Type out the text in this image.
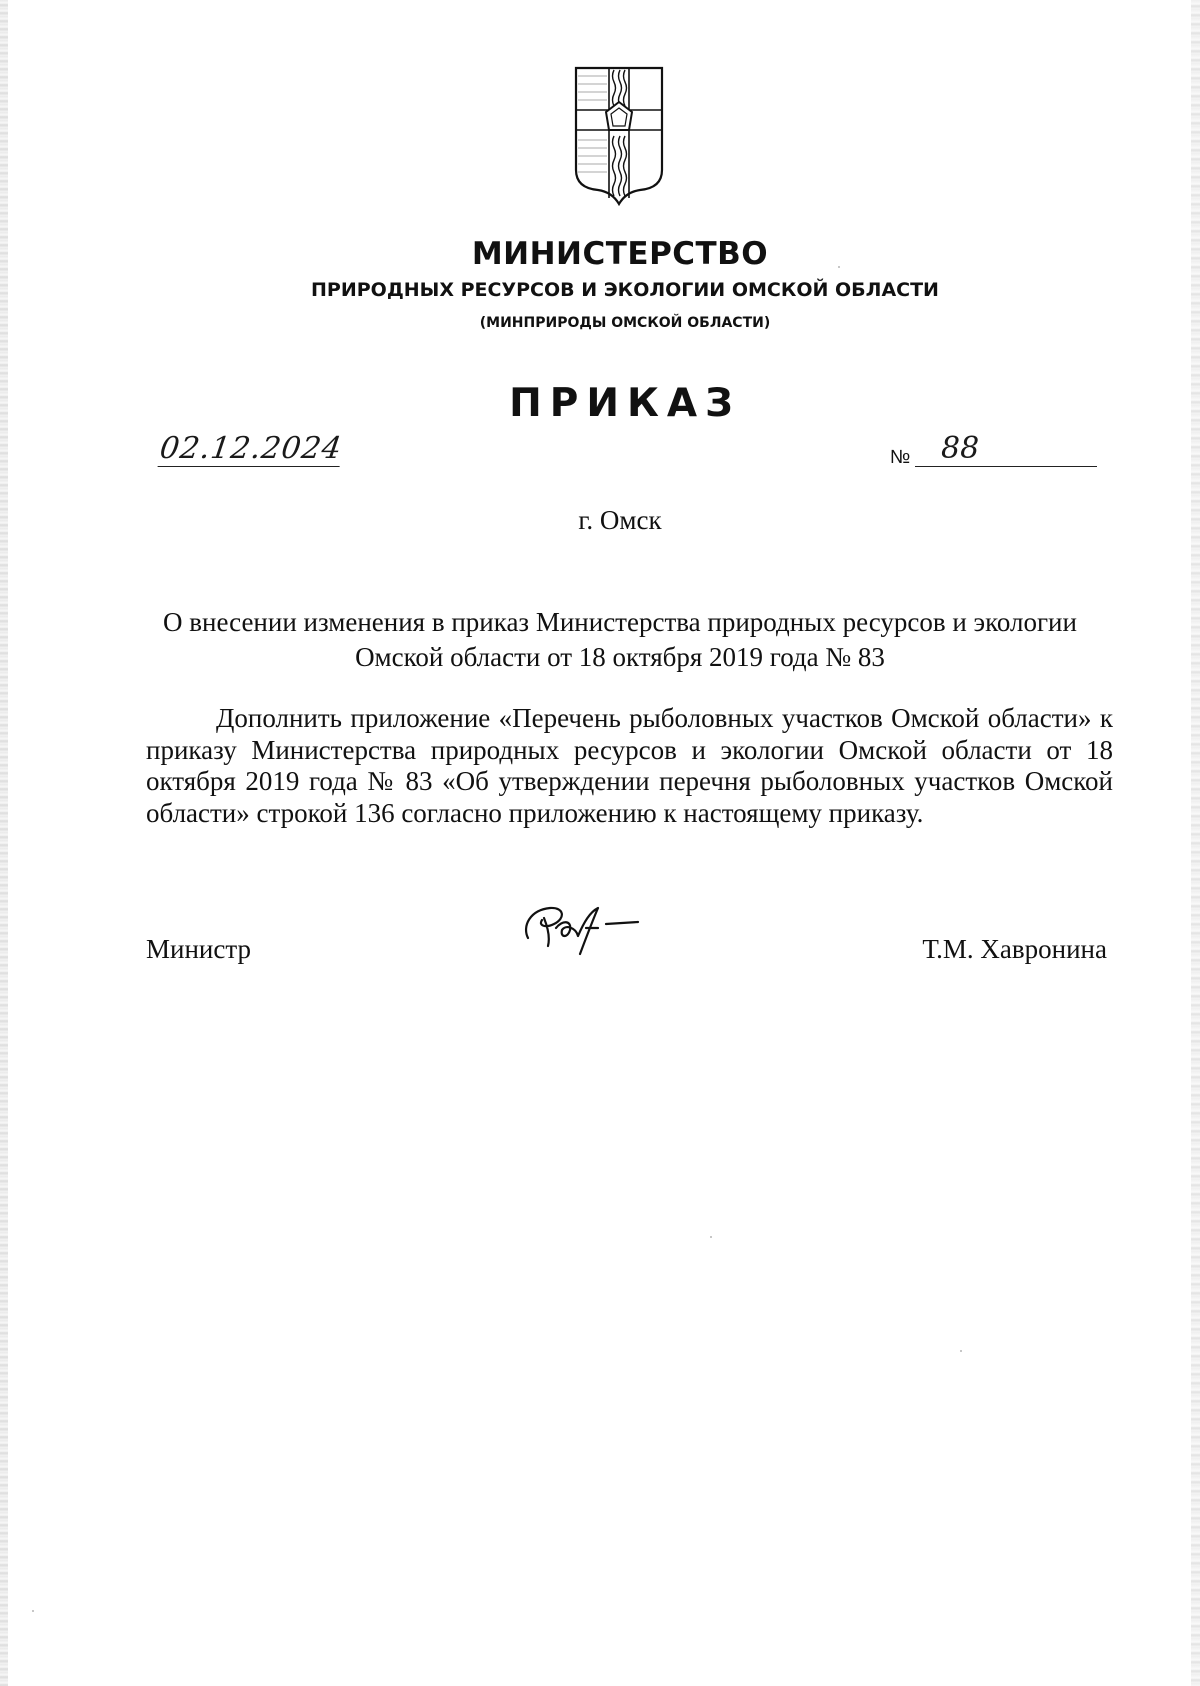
МИНИСТЕРСТВО
ПРИРОДНЫХ РЕСУРСОВ И ЭКОЛОГИИ ОМСКОЙ ОБЛАСТИ
(МИНПРИРОДЫ ОМСКОЙ ОБЛАСТИ)
ПРИКАЗ
02.12.2024	№	88
г. Омск
О внесении изменения в приказ Министерства природных ресурсов и экологии Омской области от 18 октября 2019 года № 83
Дополнить приложение «Перечень рыболовных участков Омской области» к приказу Министерства природных ресурсов и экологии Омской области от 18 октября 2019 года № 83 «Об утверждении перечня рыболовных участков Омской области» строкой 136 согласно приложению к настоящему приказу.
Министр	Т.М. Хавронина
